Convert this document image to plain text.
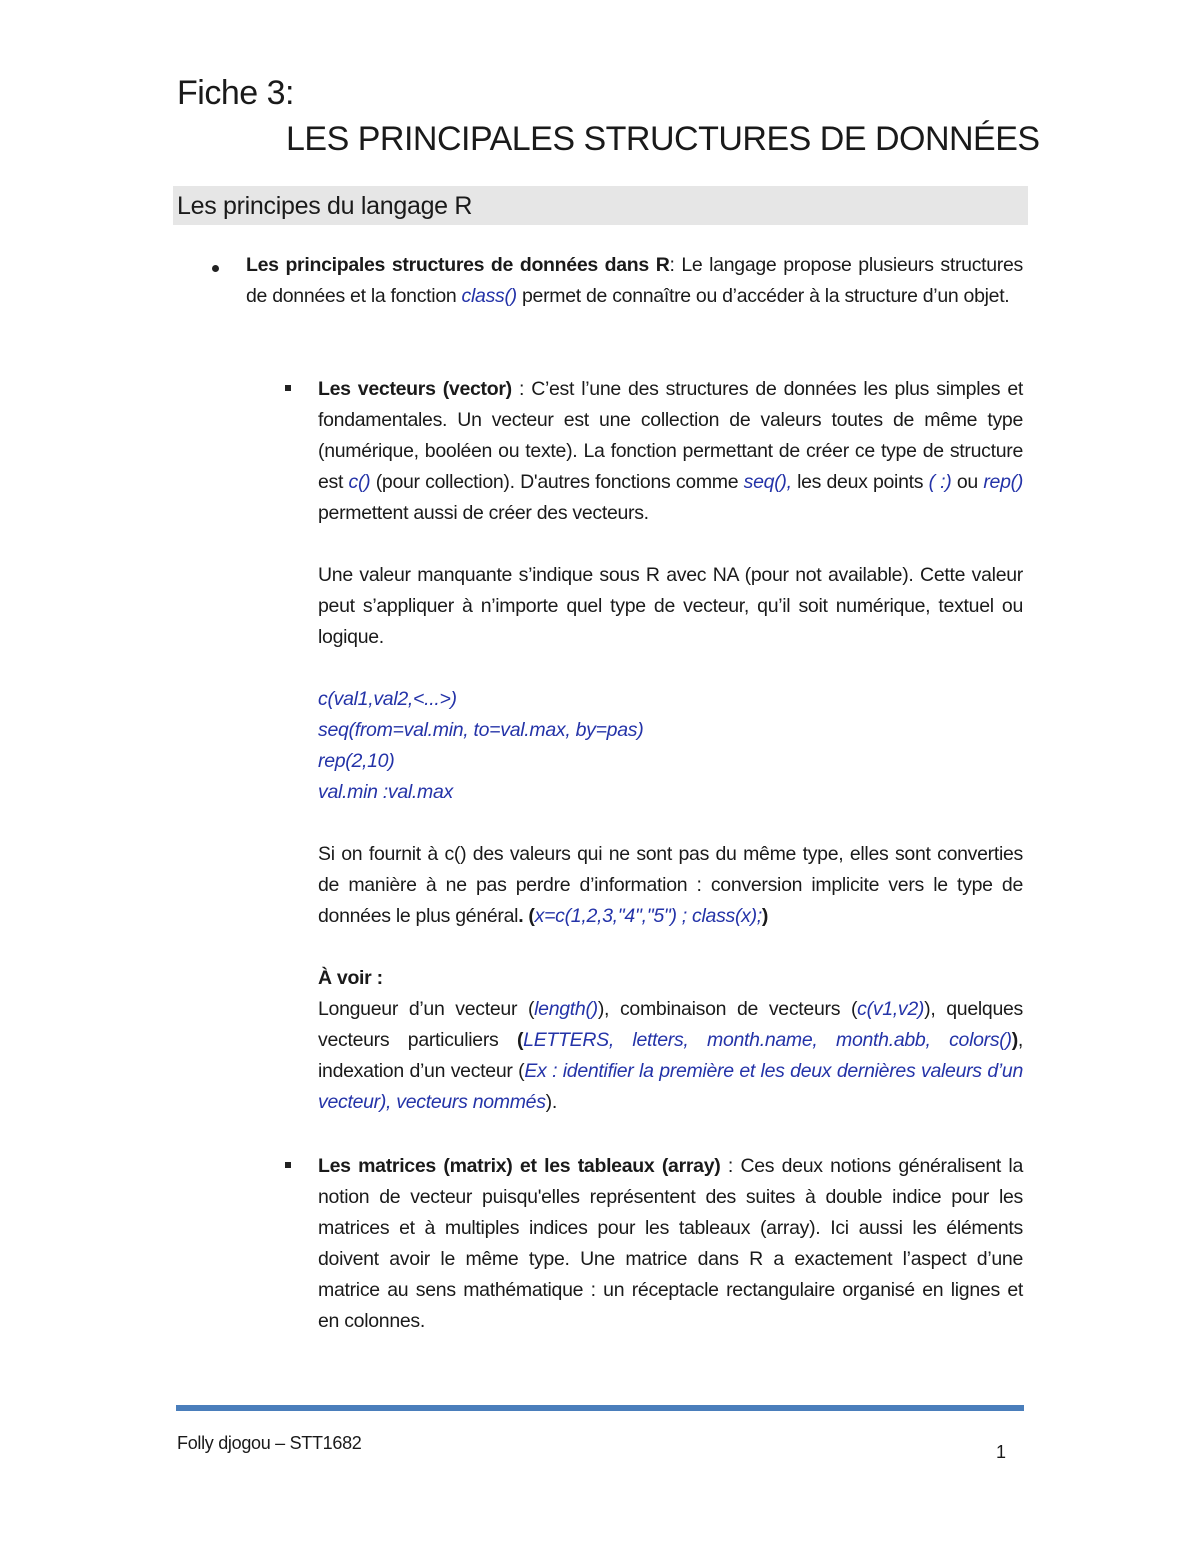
Fiche 3:
LES PRINCIPALES STRUCTURES DE DONNÉES
Les principes du langage R

Les principales structures de données dans R: Le langage propose plusieurs structures de données et la fonction class() permet de connaître ou d’accéder à la structure d’un objet.

Les vecteurs (vector) : C’est l’une des structures de données les plus simples et fondamentales. Un vecteur est une collection de valeurs toutes de même type (numérique, booléen ou texte). La fonction permettant de créer ce type de structure est c() (pour collection). D'autres fonctions comme seq(), les deux points ( :) ou rep() permettent aussi de créer des vecteurs.

Une valeur manquante s’indique sous R avec NA (pour not available). Cette valeur peut s’appliquer à n’importe quel type de vecteur, qu’il soit numérique, textuel ou logique.

c(val1,val2,<...>)
seq(from=val.min, to=val.max, by=pas)
rep(2,10)
val.min :val.max

Si on fournit à c() des valeurs qui ne sont pas du même type, elles sont converties de manière à ne pas perdre d’information : conversion implicite vers le type de données le plus général. (x=c(1,2,3,"4","5") ; class(x);)

À voir :

Longueur d’un vecteur (length()), combinaison de vecteurs (c(v1,v2)), quelques vecteurs particuliers (LETTERS, letters, month.name, month.abb, colors()), indexation d’un vecteur (Ex : identifier la première et les deux dernières valeurs d’un vecteur), vecteurs nommés).

Les matrices (matrix) et les tableaux (array) : Ces deux notions généralisent la notion de vecteur puisqu'elles représentent des suites à double indice pour les matrices et à multiples indices pour les tableaux (array). Ici aussi les éléments doivent avoir le même type. Une matrice dans R a exactement l’aspect d’une matrice au sens mathématique : un réceptacle rectangulaire organisé en lignes et en colonnes.

Folly djogou – STT1682	1
